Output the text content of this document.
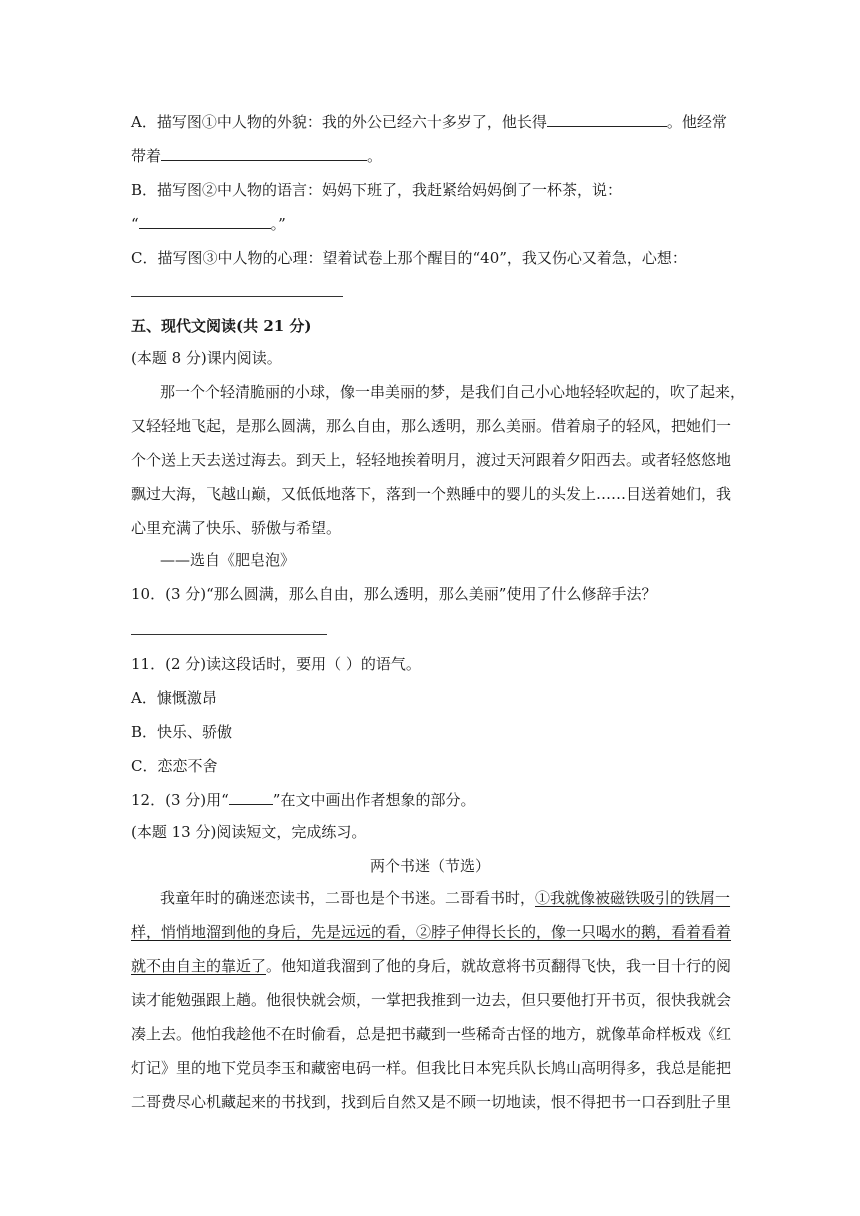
A．描写图①中人物的外貌：我的外公已经六十多岁了，他长得	。他经常
带着	。
B．描写图②中人物的语言：妈妈下班了，我赶紧给妈妈倒了一杯茶，说：
“	。”
C．描写图③中人物的心理：望着试卷上那个醒目的“40”，我又伤心又着急，心想：
五、现代文阅读(共 21 分)
(本题 8 分)课内阅读。
那一个个轻清脆丽的小球，像一串美丽的梦，是我们自己小心地轻轻吹起的，吹了起来，
又轻轻地飞起，是那么圆满，那么自由，那么透明，那么美丽。借着扇子的轻风，把她们一
个个送上天去送过海去。到天上，轻轻地挨着明月，渡过天河跟着夕阳西去。或者轻悠悠地
飘过大海，飞越山巅，又低低地落下，落到一个熟睡中的婴儿的头发上……目送着她们，我
心里充满了快乐、骄傲与希望。
——选自《肥皂泡》
10．(3 分)“那么圆满，那么自由，那么透明，那么美丽”使用了什么修辞手法？
11．(2 分)读这段话时，要用（ ）的语气。
A．慷慨激昂
B．快乐、骄傲
C．恋恋不舍
12．(3 分)用“	”在文中画出作者想象的部分。
(本题 13 分)阅读短文，完成练习。
两个书迷（节选）
我童年时的确迷恋读书，二哥也是个书迷。二哥看书时，①我就像被磁铁吸引的铁屑一
样，悄悄地溜到他的身后，先是远远的看，②脖子伸得长长的，像一只喝水的鹅，看着看着
就不由自主的靠近了。他知道我溜到了他的身后，就故意将书页翻得飞快，我一目十行的阅
读才能勉强跟上趟。他很快就会烦，一掌把我推到一边去，但只要他打开书页，很快我就会
凑上去。他怕我趁他不在时偷看，总是把书藏到一些稀奇古怪的地方，就像革命样板戏《红
灯记》里的地下党员李玉和藏密电码一样。但我比日本宪兵队长鸠山高明得多，我总是能把
二哥费尽心机藏起来的书找到，找到后自然又是不顾一切地读，恨不得把书一口吞到肚子里
